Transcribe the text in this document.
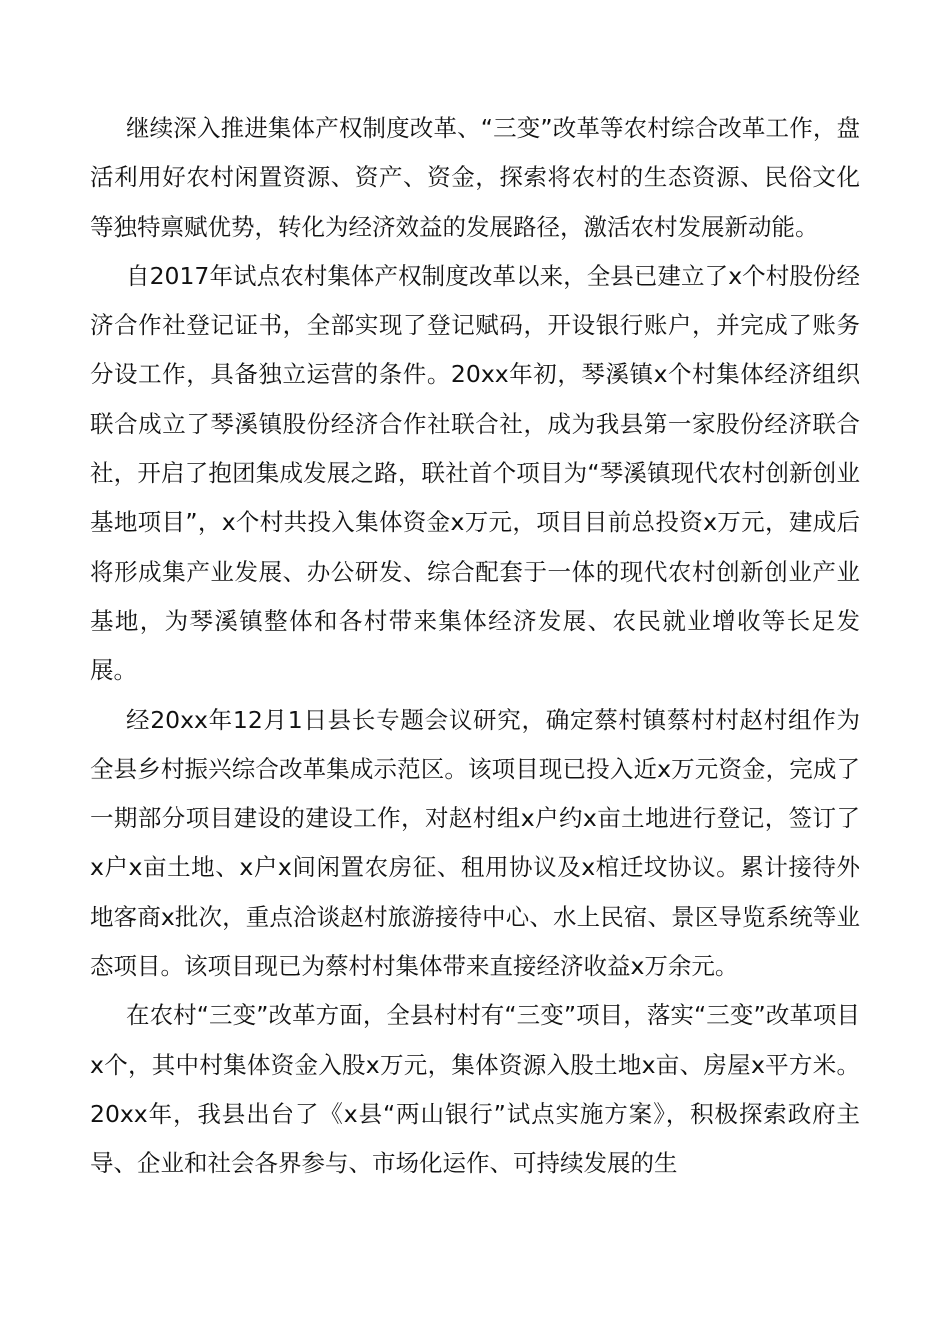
继续深入推进集体产权制度改革、“三变”改革等农村综合改革工作，盘活利用好农村闲置资源、资产、资金，探索将农村的生态资源、民俗文化等独特禀赋优势，转化为经济效益的发展路径，激活农村发展新动能。

自2017年试点农村集体产权制度改革以来，全县已建立了x个村股份经济合作社登记证书，全部实现了登记赋码，开设银行账户，并完成了账务分设工作，具备独立运营的条件。20xx年初，琴溪镇x个村集体经济组织联合成立了琴溪镇股份经济合作社联合社，成为我县第一家股份经济联合社，开启了抱团集成发展之路，联社首个项目为“琴溪镇现代农村创新创业基地项目”，x个村共投入集体资金x万元，项目目前总投资x万元，建成后将形成集产业发展、办公研发、综合配套于一体的现代农村创新创业产业基地，为琴溪镇整体和各村带来集体经济发展、农民就业增收等长足发展。

经20xx年12月1日县长专题会议研究，确定蔡村镇蔡村村赵村组作为全县乡村振兴综合改革集成示范区。该项目现已投入近x万元资金，完成了一期部分项目建设的建设工作，对赵村组x户约x亩土地进行登记，签订了x户x亩土地、x户x间闲置农房征、租用协议及x棺迁坟协议。累计接待外地客商x批次，重点洽谈赵村旅游接待中心、水上民宿、景区导览系统等业态项目。该项目现已为蔡村村集体带来直接经济收益x万余元。

在农村“三变”改革方面，全县村村有“三变”项目，落实“三变”改革项目x个，其中村集体资金入股x万元，集体资源入股土地x亩、房屋x平方米。20xx年，我县出台了《x县“两山银行”试点实施方案》，积极探索政府主导、企业和社会各界参与、市场化运作、可持续发展的生
